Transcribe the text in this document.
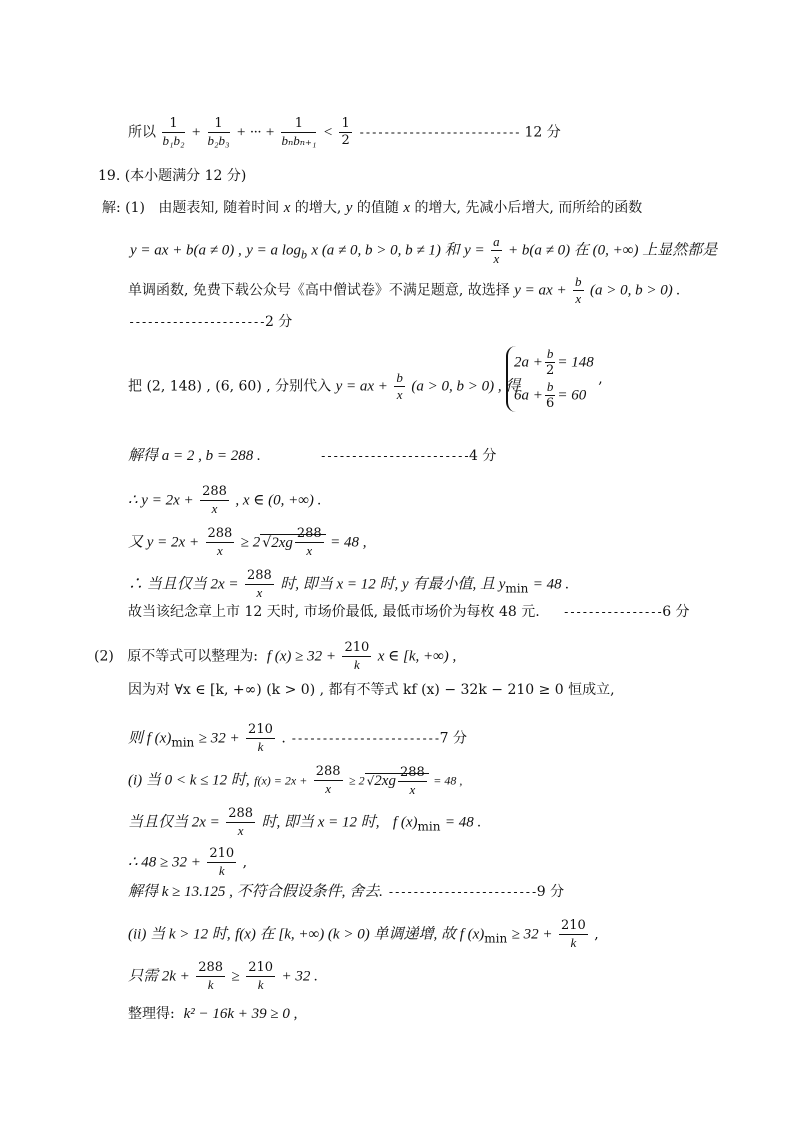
所以 $\frac{1}{\text{b₁b₂}} + \frac{1}{\text{b₂b₃}}$ + ··· + $\frac{1}{\text{bₙbₙ₊₁}} < \frac{1}{2}$ -------------------------- 12 分
19. (本小题满分 12 分)
解: (1) 由题表知, 随着时间 x 的增大, y 的值随 x 的增大, 先减小后增大, 而所给的函数
y = ax + b(a ≠ 0) , y = a $\log_b x$ (a ≠ 0, b > 0, b ≠ 1) 和 $y = \frac{a}{x} + b(a \ne 0)$ 在 (0, +∞) 上显然都是
单调函数, 免费下载公众号《高中僧试卷》不满足题意, 故选择 y = ax + $\frac{b}{x} (a > 0$, b > 0) .
----------------------2 分
把 (2, 148) , (6, 60) , 分别代入 y = ax + $\frac{b}{x} (a > 0$, b > 0) , 得
$2a + \frac{b}{2} = 148$
$6a + \frac{b}{6} = 60$
,
解得 a = 2 , b = 288 .	------------------------4 分
∴ $y = 2x + \frac{288}{x}$ , x ∈ (0, +∞) .
又 $y = 2x + \frac{288}{x} \ge 2$ $√2xg \frac{288}{x} = 48$ ,
∴ 当且仅当 $2x = \frac{288}{x}$ 时, 即当 x = 12 时, y 有最小值, 且 $y_{min} = 48$ .
故当该纪念章上市 12 天时, 市场价最低, 最低市场价为每枚 48 元. ----------------6 分
(2) 原不等式可以整理为: f $(x) \ge 32 + \frac{210}{k}$ x ∈ [k, +∞) ,
因为对 ∀x ∈ [k, +∞) (k > 0) , 都有不等式 kf (x) − 32k − 210 ≥ 0 恒成立,
则 f $(x)_{min} \ge 32 + \frac{210}{k}$ . ------------------------7 分
(i) 当 0 < k ≤ 12 时, $f(x) = 2x + \frac{288}{x} \ge 2$ $√2xg \frac{288}{x} = 48$ ,
当且仅当 $2x = \frac{288}{x}$ 时, 即当 x = 12 时, f $(x)_{min} = 48$ .
∴ $48 \ge 32 + \frac{210}{k}$ ,
解得 k ≥ 13.125 , 不符合假设条件, 舍去. ------------------------9 分
(ii) 当 k > 12 时, f(x) 在 [k, +∞) (k > 0) 单调递增, 故 f $(x)_{min} \ge 32 + \frac{210}{k}$ ,
只需 $2k + \frac{288}{k} \ge \frac{210}{k} + 32$ .
整理得: k² − 16k + 39 ≥ 0 ,
